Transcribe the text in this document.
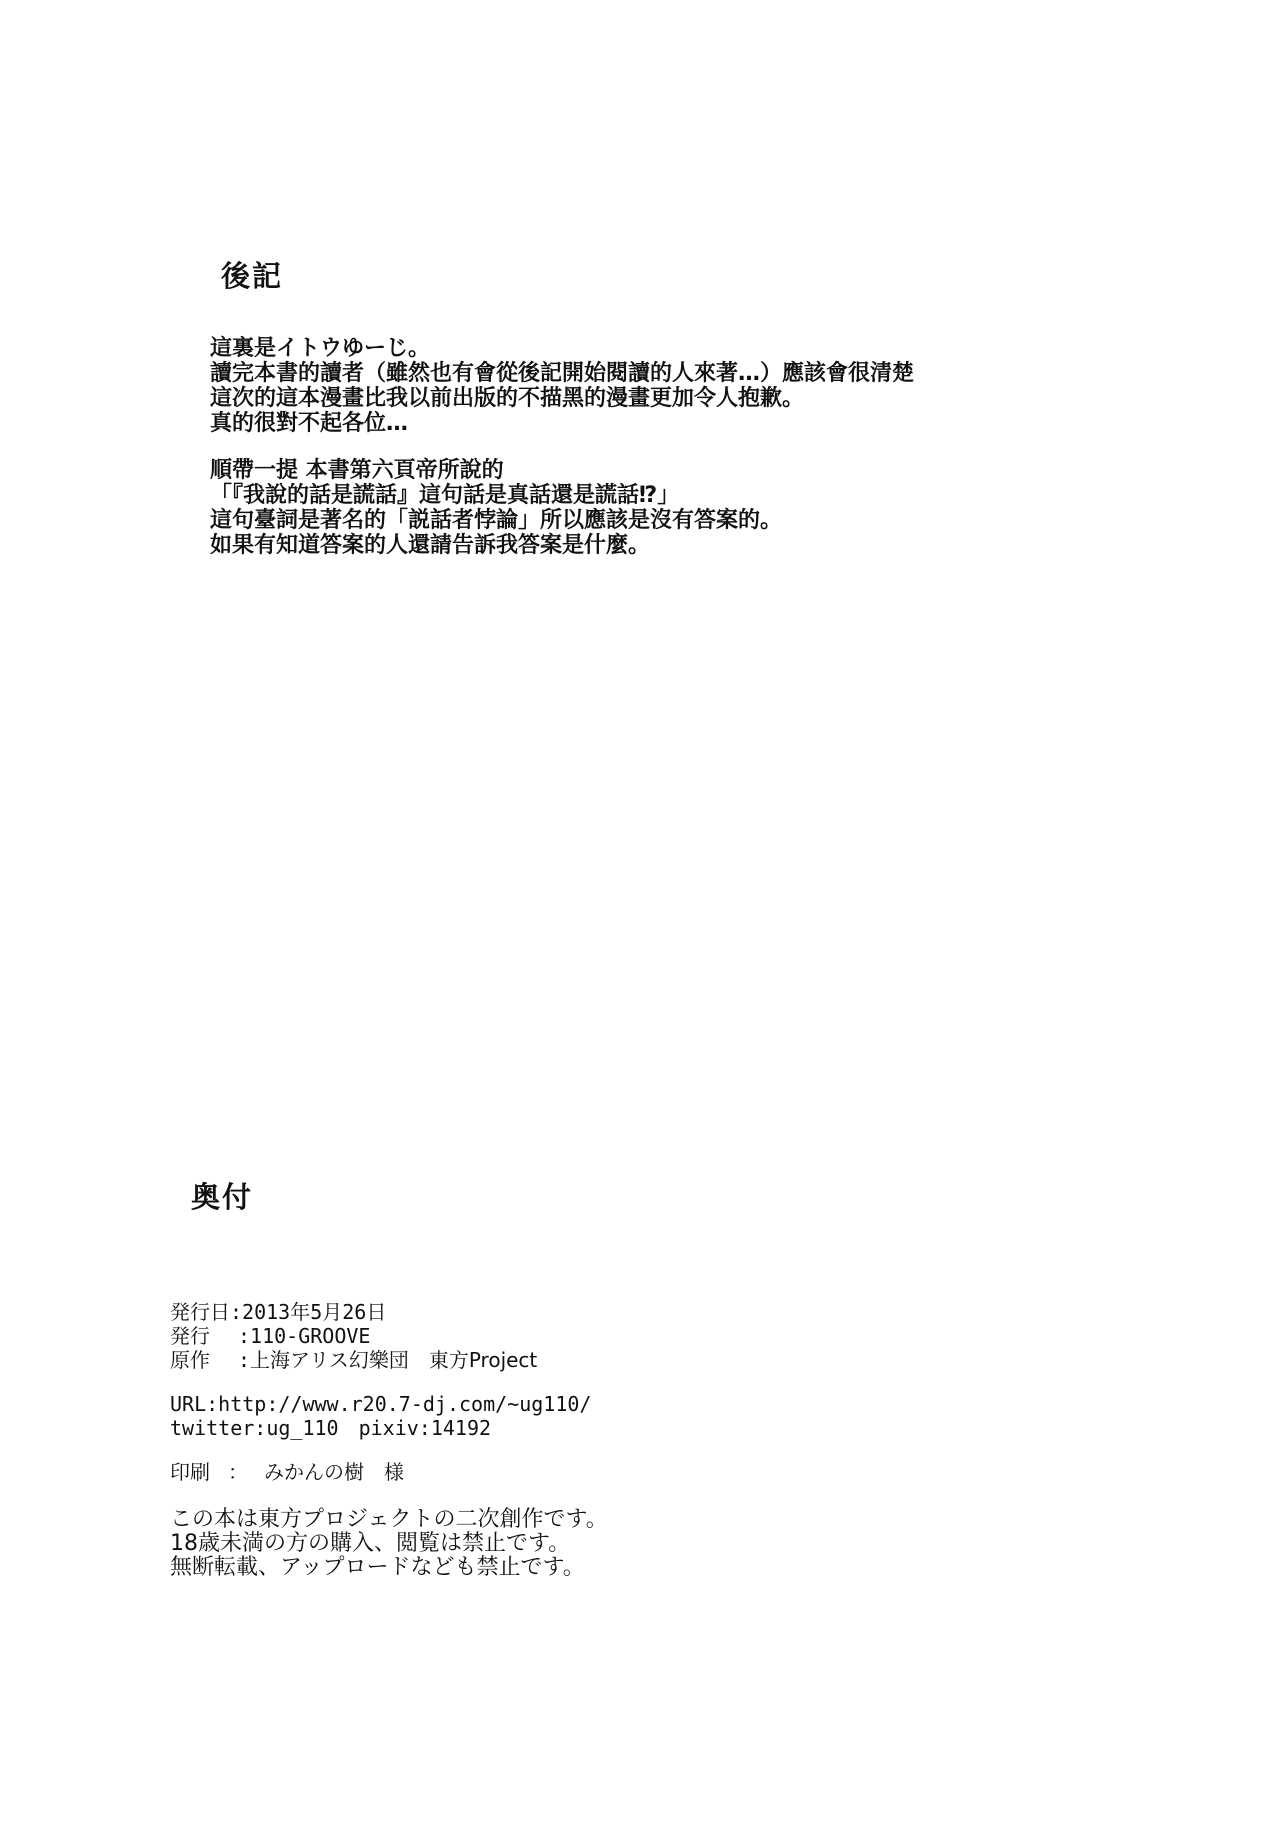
後記
這裏是イトウゆーじ。
讀完本書的讀者（雖然也有會從後記開始閱讀的人來著…）應該會很清楚
這次的這本漫畫比我以前出版的不描黑的漫畫更加令人抱歉。
真的很對不起各位…
順帶一提 本書第六頁帝所說的
「『我說的話是謊話』這句話是真話還是謊話⁉」
這句臺詞是著名的「説話者悖論」所以應該是沒有答案的。
如果有知道答案的人還請告訴我答案是什麼。
奥付
発行日:2013年5月26日
発行 :110-GROOVE
原作 :上海アリス幻樂団　東方Project
URL:http://www.r20.7-dj.com/~ug110/
twitter:ug_110　pixiv:14192
印刷 ： みかんの樹　様
この本は東方プロジェクトの二次創作です。
18歳未満の方の購入、閲覧は禁止です。
無断転載、アップロードなども禁止です。
